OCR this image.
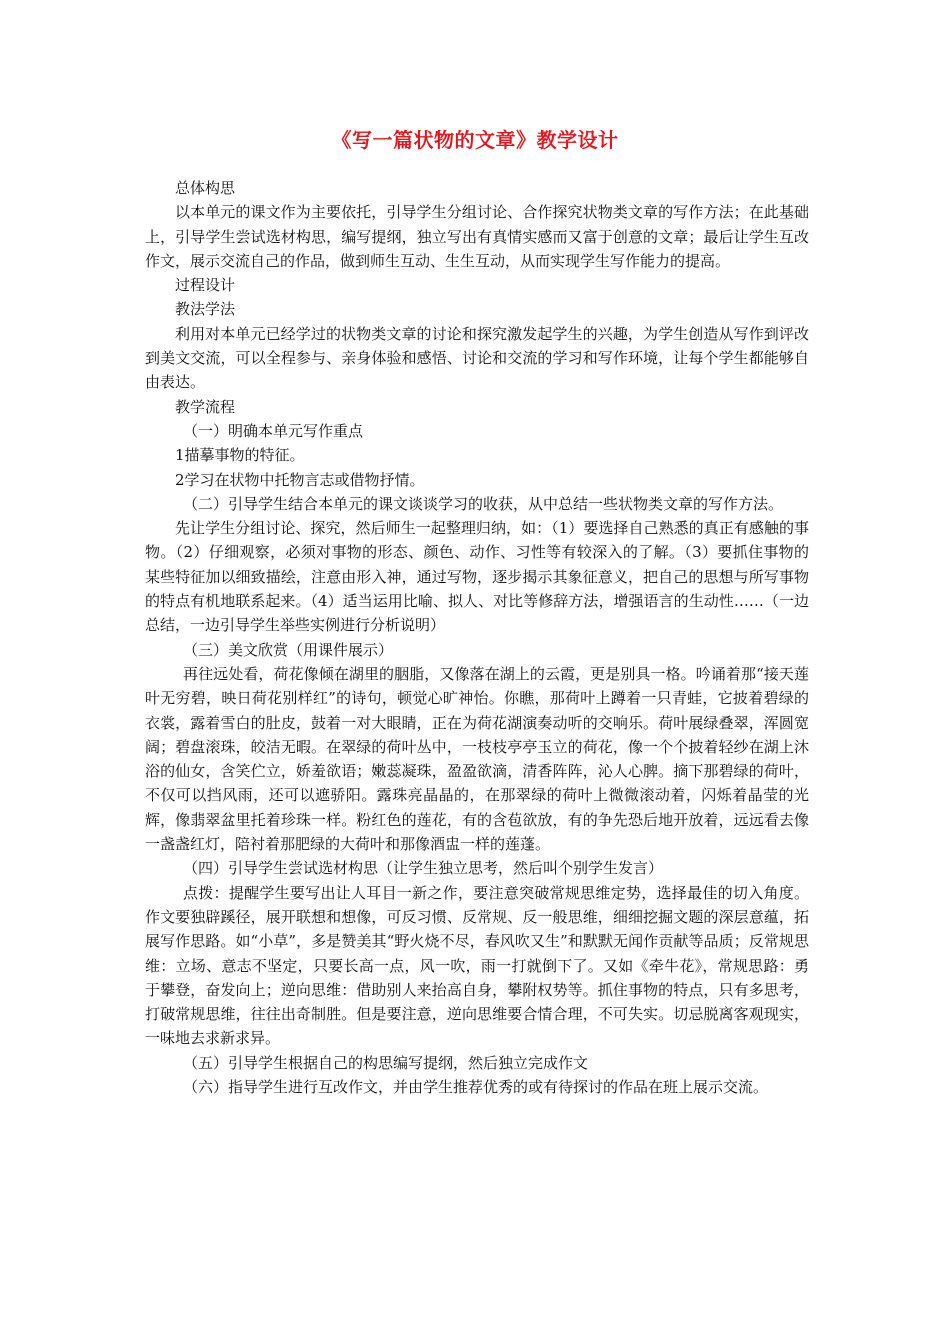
《写一篇状物的文章》教学设计

总体构思

以本单元的课文作为主要依托，引导学生分组讨论、合作探究状物类文章的写作方法；在此基础上，引导学生尝试选材构思，编写提纲，独立写出有真情实感而又富于创意的文章；最后让学生互改作文，展示交流自己的作品，做到师生互动、生生互动，从而实现学生写作能力的提高。

过程设计

教法学法

利用对本单元已经学过的状物类文章的讨论和探究激发起学生的兴趣，为学生创造从写作到评改到美文交流，可以全程参与、亲身体验和感悟、讨论和交流的学习和写作环境，让每个学生都能够自由表达。

教学流程

（一）明确本单元写作重点

1描摹事物的特征。

2学习在状物中托物言志或借物抒情。

（二）引导学生结合本单元的课文谈谈学习的收获，从中总结一些状物类文章的写作方法。

先让学生分组讨论、探究，然后师生一起整理归纳，如：（1）要选择自己熟悉的真正有感触的事物。（2）仔细观察，必须对事物的形态、颜色、动作、习性等有较深入的了解。（3）要抓住事物的某些特征加以细致描绘，注意由形入神，通过写物，逐步揭示其象征意义，把自己的思想与所写事物的特点有机地联系起来。（4）适当运用比喻、拟人、对比等修辞方法，增强语言的生动性……（一边总结，一边引导学生举些实例进行分析说明）

（三）美文欣赏（用课件展示）

再往远处看，荷花像倾在湖里的胭脂，又像落在湖上的云霞，更是别具一格。吟诵着那“接天莲叶无穷碧，映日荷花别样红”的诗句，顿觉心旷神怡。你瞧，那荷叶上蹲着一只青蛙，它披着碧绿的衣裳，露着雪白的肚皮，鼓着一对大眼睛，正在为荷花湖演奏动听的交响乐。荷叶展绿叠翠，浑圆宽阔；碧盘滚珠，皎洁无暇。在翠绿的荷叶丛中，一枝枝亭亭玉立的荷花，像一个个披着轻纱在湖上沐浴的仙女，含笑伫立，娇羞欲语；嫩蕊凝珠，盈盈欲滴，清香阵阵，沁人心脾。摘下那碧绿的荷叶，不仅可以挡风雨，还可以遮骄阳。露珠亮晶晶的，在那翠绿的荷叶上微微滚动着，闪烁着晶莹的光辉，像翡翠盆里托着珍珠一样。粉红色的莲花，有的含苞欲放，有的争先恐后地开放着，远远看去像一盏盏红灯，陪衬着那肥绿的大荷叶和那像酒盅一样的莲蓬。

（四）引导学生尝试选材构思（让学生独立思考，然后叫个别学生发言）

点拨：提醒学生要写出让人耳目一新之作，要注意突破常规思维定势，选择最佳的切入角度。作文要独辟蹊径，展开联想和想像，可反习惯、反常规、反一般思维，细细挖掘文题的深层意蕴，拓展写作思路。如“小草”，多是赞美其“野火烧不尽，春风吹又生”和默默无闻作贡献等品质；反常规思维：立场、意志不坚定，只要长高一点，风一吹，雨一打就倒下了。又如《牵牛花》，常规思路：勇于攀登，奋发向上；逆向思维：借助别人来抬高自身，攀附权势等。抓住事物的特点，只有多思考，打破常规思维，往往出奇制胜。但是要注意，逆向思维要合情合理，不可失实。切忌脱离客观现实，一味地去求新求异。

（五）引导学生根据自己的构思编写提纲，然后独立完成作文

（六）指导学生进行互改作文，并由学生推荐优秀的或有待探讨的作品在班上展示交流。
